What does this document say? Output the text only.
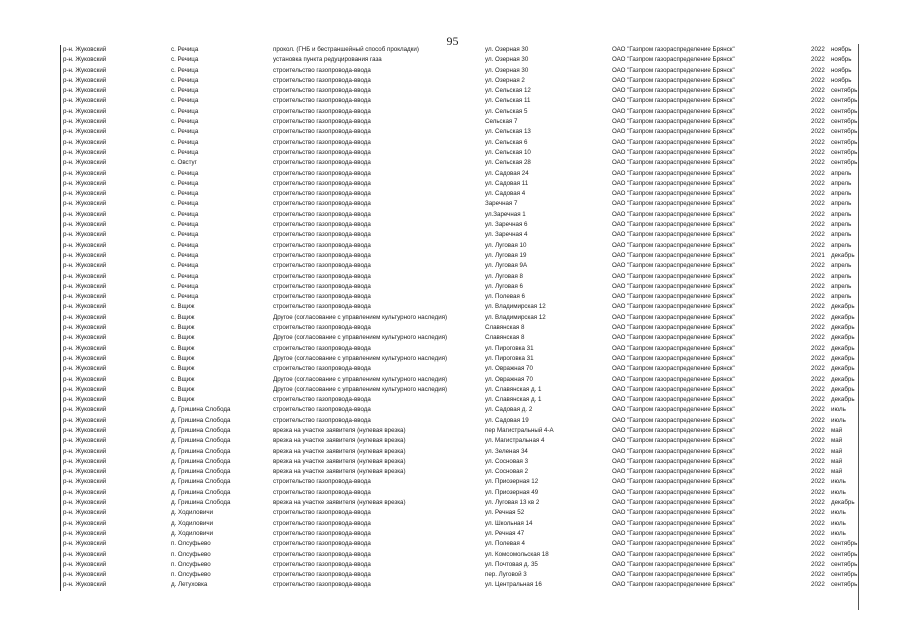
95
р-н. Жуковский	с. Речица	прокол. (ГНБ и бестраншейный способ прокладки)	ул. Озерная 30	ОАО "Газпром газораспределение Брянск"	2022	ноябрь
р-н. Жуковский	с. Речица	установка пункта редуцирования газа	ул. Озерная 30	ОАО "Газпром газораспределение Брянск"	2022	ноябрь
р-н. Жуковский	с. Речица	строительство газопровода-ввода	ул. Озерная 30	ОАО "Газпром газораспределение Брянск"	2022	ноябрь
р-н. Жуковский	с. Речица	строительство газопровода-ввода	ул. Озерная 2	ОАО "Газпром газораспределение Брянск"	2022	ноябрь
р-н. Жуковский	с. Речица	строительство газопровода-ввода	ул. Сельская 12	ОАО "Газпром газораспределение Брянск"	2022	сентябрь
р-н. Жуковский	с. Речица	строительство газопровода-ввода	ул. Сельская 11	ОАО "Газпром газораспределение Брянск"	2022	сентябрь
р-н. Жуковский	с. Речица	строительство газопровода-ввода	ул. Сельская 5	ОАО "Газпром газораспределение Брянск"	2022	сентябрь
р-н. Жуковский	с. Речица	строительство газопровода-ввода	Сельская 7	ОАО "Газпром газораспределение Брянск"	2022	сентябрь
р-н. Жуковский	с. Речица	строительство газопровода-ввода	ул. Сельская 13	ОАО "Газпром газораспределение Брянск"	2022	сентябрь
р-н. Жуковский	с. Речица	строительство газопровода-ввода	ул. Сельская 6	ОАО "Газпром газораспределение Брянск"	2022	сентябрь
р-н. Жуковский	с. Речица	строительство газопровода-ввода	ул. Сельская 10	ОАО "Газпром газораспределение Брянск"	2022	сентябрь
р-н. Жуковский	с. Овстуг	строительство газопровода-ввода	ул. Сельская 28	ОАО "Газпром газораспределение Брянск"	2022	сентябрь
р-н. Жуковский	с. Речица	строительство газопровода-ввода	ул. Садовая 24	ОАО "Газпром газораспределение Брянск"	2022	апрель
р-н. Жуковский	с. Речица	строительство газопровода-ввода	ул. Садовая 11	ОАО "Газпром газораспределение Брянск"	2022	апрель
р-н. Жуковский	с. Речица	строительство газопровода-ввода	ул. Садовая 4	ОАО "Газпром газораспределение Брянск"	2022	апрель
р-н. Жуковский	с. Речица	строительство газопровода-ввода	Заречная 7	ОАО "Газпром газораспределение Брянск"	2022	апрель
р-н. Жуковский	с. Речица	строительство газопровода-ввода	ул.Заречная 1	ОАО "Газпром газораспределение Брянск"	2022	апрель
р-н. Жуковский	с. Речица	строительство газопровода-ввода	ул. Заречная 6	ОАО "Газпром газораспределение Брянск"	2022	апрель
р-н. Жуковский	с. Речица	строительство газопровода-ввода	ул. Заречная 4	ОАО "Газпром газораспределение Брянск"	2022	апрель
р-н. Жуковский	с. Речица	строительство газопровода-ввода	ул. Луговая 10	ОАО "Газпром газораспределение Брянск"	2022	апрель
р-н. Жуковский	с. Речица	строительство газопровода-ввода	ул. Луговая 19	ОАО "Газпром газораспределение Брянск"	2021	декабрь
р-н. Жуковский	с. Речица	строительство газопровода-ввода	ул. Луговая 9А	ОАО "Газпром газораспределение Брянск"	2022	апрель
р-н. Жуковский	с. Речица	строительство газопровода-ввода	ул. Луговая 8	ОАО "Газпром газораспределение Брянск"	2022	апрель
р-н. Жуковский	с. Речица	строительство газопровода-ввода	ул. Луговая 6	ОАО "Газпром газораспределение Брянск"	2022	апрель
р-н. Жуковский	с. Речица	строительство газопровода-ввода	ул. Полевая 6	ОАО "Газпром газораспределение Брянск"	2022	апрель
р-н. Жуковский	с. Вщиж	строительство газопровода-ввода	ул. Владимирская 12	ОАО "Газпром газораспределение Брянск"	2022	декабрь
р-н. Жуковский	с. Вщиж	Другое (согласование с управлением культурного наследия)	ул. Владимирская 12	ОАО "Газпром газораспределение Брянск"	2022	декабрь
р-н. Жуковский	с. Вщиж	строительство газопровода-ввода	Славянская 8	ОАО "Газпром газораспределение Брянск"	2022	декабрь
р-н. Жуковский	с. Вщиж	Другое (согласование с управлением культурного наследия)	Славянская 8	ОАО "Газпром газораспределение Брянск"	2022	декабрь
р-н. Жуковский	с. Вщиж	строительство газопровода-ввода	ул. Пироговка 31	ОАО "Газпром газораспределение Брянск"	2022	декабрь
р-н. Жуковский	с. Вщиж	Другое (согласование с управлением культурного наследия)	ул. Пироговка 31	ОАО "Газпром газораспределение Брянск"	2022	декабрь
р-н. Жуковский	с. Вщиж	строительство газопровода-ввода	ул. Овражная 70	ОАО "Газпром газораспределение Брянск"	2022	декабрь
р-н. Жуковский	с. Вщиж	Другое (согласование с управлением культурного наследия)	ул. Овражная 70	ОАО "Газпром газораспределение Брянск"	2022	декабрь
р-н. Жуковский	с. Вщиж	Другое (согласование с управлением культурного наследия)	ул. Славянская д. 1	ОАО "Газпром газораспределение Брянск"	2022	декабрь
р-н. Жуковский	с. Вщиж	строительство газопровода-ввода	ул. Славянская д. 1	ОАО "Газпром газораспределение Брянск"	2022	декабрь
р-н. Жуковский	д. Гришина Слобода	строительство газопровода-ввода	ул. Садовая д. 2	ОАО "Газпром газораспределение Брянск"	2022	июль
р-н. Жуковский	д. Гришина Слобода	строительство газопровода-ввода	ул. Садовая 19	ОАО "Газпром газораспределение Брянск"	2022	июль
р-н. Жуковский	д. Гришина Слобода	врезка на участке заявителя (нулевая врезка)	пер Магистральный 4-А	ОАО "Газпром газораспределение Брянск"	2022	май
р-н. Жуковский	д. Гришина Слобода	врезка на участке заявителя (нулевая врезка)	ул. Магистральная 4	ОАО "Газпром газораспределение Брянск"	2022	май
р-н. Жуковский	д. Гришина Слобода	врезка на участке заявителя (нулевая врезка)	ул. Зеленая 34	ОАО "Газпром газораспределение Брянск"	2022	май
р-н. Жуковский	д. Гришина Слобода	врезка на участке заявителя (нулевая врезка)	ул. Сосновая 3	ОАО "Газпром газораспределение Брянск"	2022	май
р-н. Жуковский	д. Гришина Слобода	врезка на участке заявителя (нулевая врезка)	ул. Сосновая 2	ОАО "Газпром газораспределение Брянск"	2022	май
р-н. Жуковский	д. Гришина Слобода	строительство газопровода-ввода	ул. Приозерная 12	ОАО "Газпром газораспределение Брянск"	2022	июль
р-н. Жуковский	д. Гришина Слобода	строительство газопровода-ввода	ул. Приозерная 49	ОАО "Газпром газораспределение Брянск"	2022	июль
р-н. Жуковский	д. Гришина Слобода	врезка на участке заявителя (нулевая врезка)	ул. Луговая 13 кв 2	ОАО "Газпром газораспределение Брянск"	2022	декабрь
р-н. Жуковский	д. Ходиловичи	строительство газопровода-ввода	ул. Речная 52	ОАО "Газпром газораспределение Брянск"	2022	июль
р-н. Жуковский	д. Ходиловичи	строительство газопровода-ввода	ул. Школьная 14	ОАО "Газпром газораспределение Брянск"	2022	июль
р-н. Жуковский	д. Ходиловичи	строительство газопровода-ввода	ул. Речная 47	ОАО "Газпром газораспределение Брянск"	2022	июль
р-н. Жуковский	п. Олсуфьево	строительство газопровода-ввода	ул. Полевая 4	ОАО "Газпром газораспределение Брянск"	2022	сентябрь
р-н. Жуковский	п. Олсуфьево	строительство газопровода-ввода	ул. Комсомольская 18	ОАО "Газпром газораспределение Брянск"	2022	сентябрь
р-н. Жуковский	п. Олсуфьево	строительство газопровода-ввода	ул. Почтовая д. 35	ОАО "Газпром газораспределение Брянск"	2022	сентябрь
р-н. Жуковский	п. Олсуфьево	строительство газопровода-ввода	пер. Луговой 3	ОАО "Газпром газораспределение Брянск"	2022	сентябрь
р-н. Жуковский	д. Летуховка	строительство газопровода-ввода	ул. Центральная 16	ОАО "Газпром газораспределение Брянск"	2022	сентябрь
